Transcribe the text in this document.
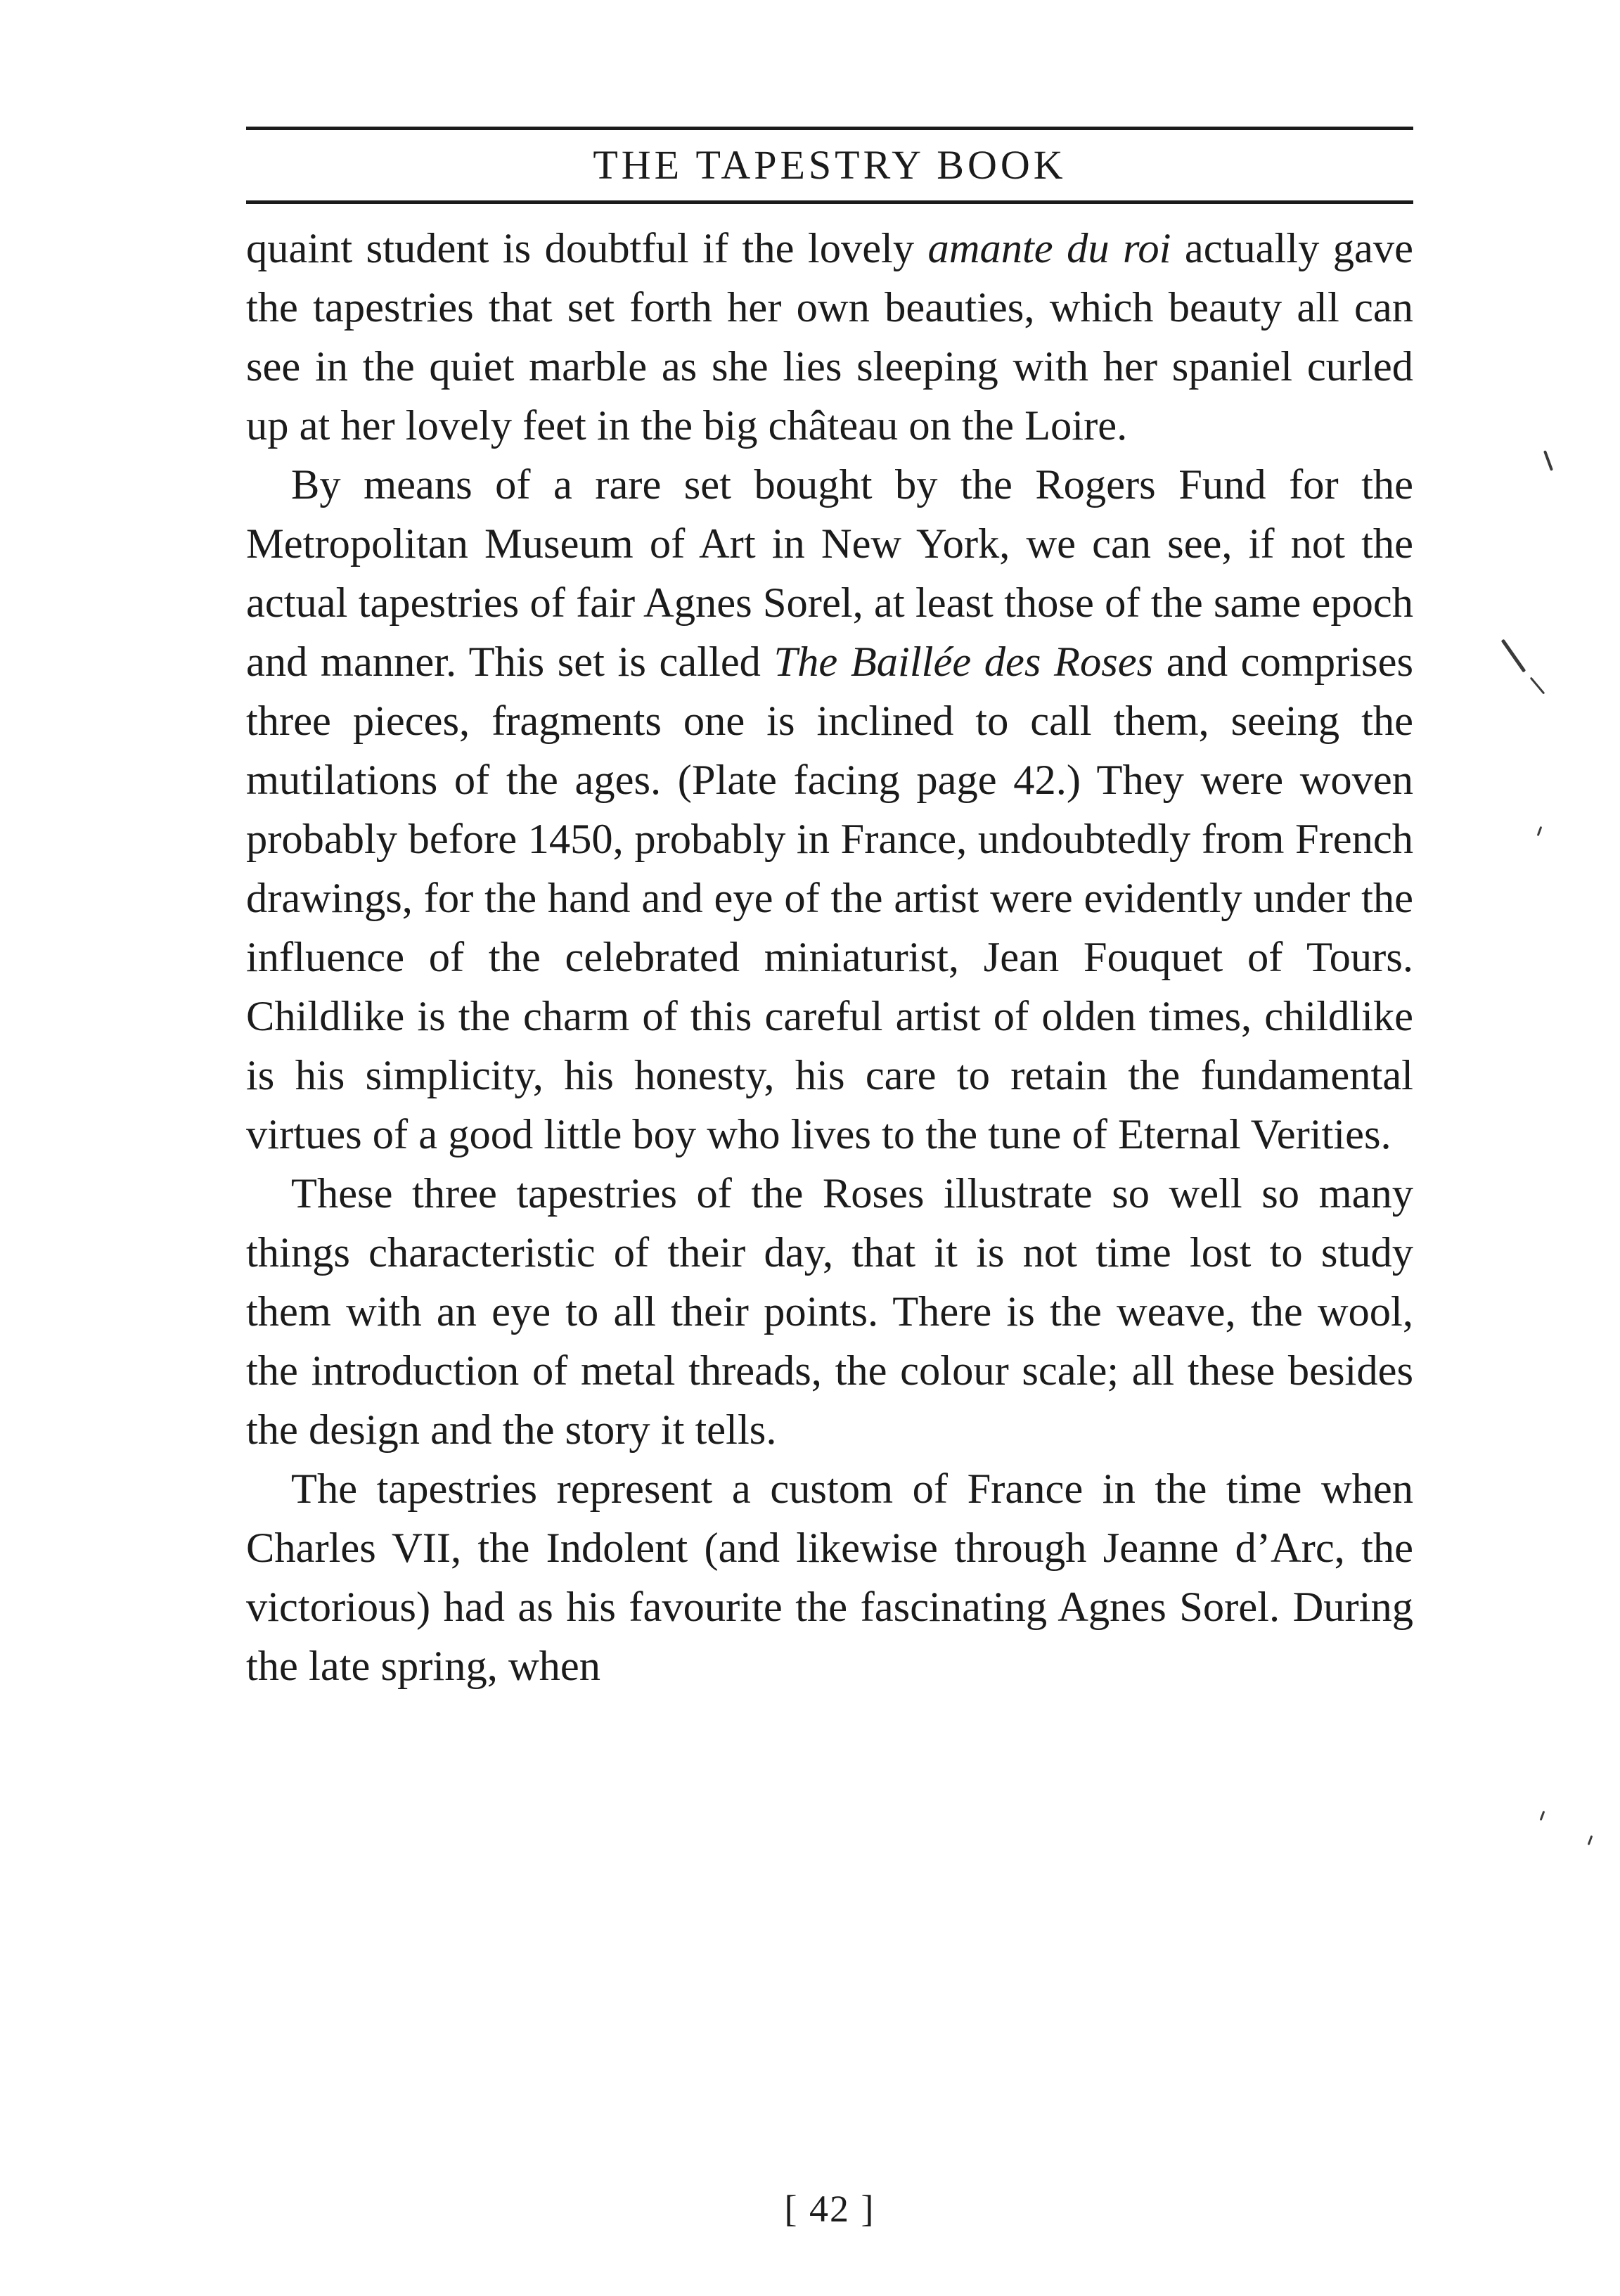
THE TAPESTRY BOOK

quaint student is doubtful if the lovely amante du roi actually gave the tapestries that set forth her own beauties, which beauty all can see in the quiet marble as she lies sleeping with her spaniel curled up at her lovely feet in the big château on the Loire.

By means of a rare set bought by the Rogers Fund for the Metropolitan Museum of Art in New York, we can see, if not the actual tapestries of fair Agnes Sorel, at least those of the same epoch and manner. This set is called The Baillée des Roses and comprises three pieces, fragments one is inclined to call them, seeing the mutilations of the ages. (Plate facing page 42.) They were woven probably before 1450, probably in France, undoubtedly from French drawings, for the hand and eye of the artist were evidently under the influence of the celebrated miniaturist, Jean Fouquet of Tours. Childlike is the charm of this careful artist of olden times, childlike is his simplicity, his honesty, his care to retain the fundamental virtues of a good little boy who lives to the tune of Eternal Verities.

These three tapestries of the Roses illustrate so well so many things characteristic of their day, that it is not time lost to study them with an eye to all their points. There is the weave, the wool, the introduction of metal threads, the colour scale; all these besides the design and the story it tells.

The tapestries represent a custom of France in the time when Charles VII, the Indolent (and likewise through Jeanne d’Arc, the victorious) had as his favourite the fascinating Agnes Sorel. During the late spring, when

[ 42 ]
